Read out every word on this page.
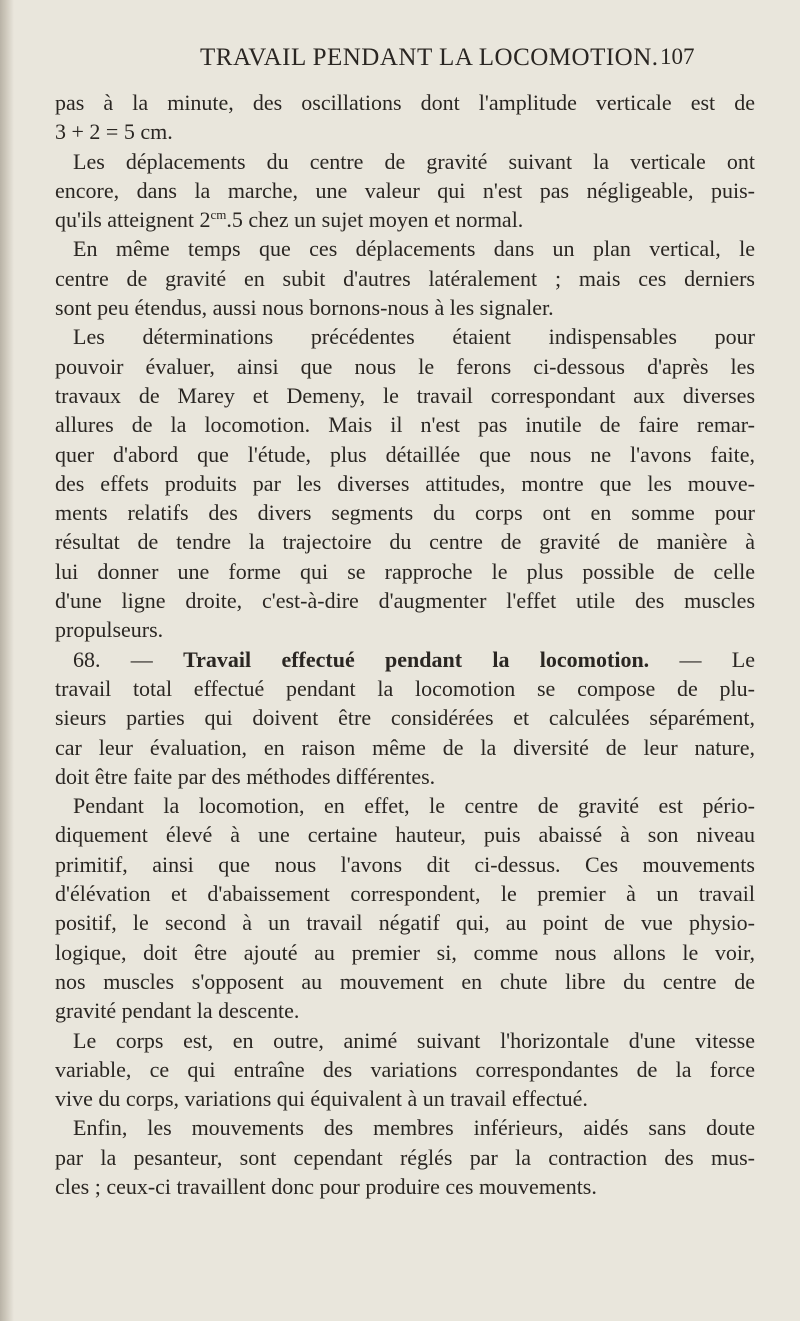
TRAVAIL PENDANT LA LOCOMOTION. 107
pas à la minute, des oscillations dont l'amplitude verticale est de
3 + 2 = 5 cm.
Les déplacements du centre de gravité suivant la verticale ont
encore, dans la marche, une valeur qui n'est pas négligeable, puis-
qu'ils atteignent $2^{cm}.5$ chez un sujet moyen et normal.
En même temps que ces déplacements dans un plan vertical, le
centre de gravité en subit d'autres latéralement ; mais ces derniers
sont peu étendus, aussi nous bornons-nous à les signaler.
Les déterminations précédentes étaient indispensables pour
pouvoir évaluer, ainsi que nous le ferons ci-dessous d'après les
travaux de Marey et Demeny, le travail correspondant aux diverses
allures de la locomotion. Mais il n'est pas inutile de faire remar-
quer d'abord que l'étude, plus détaillée que nous ne l'avons faite,
des effets produits par les diverses attitudes, montre que les mouve-
ments relatifs des divers segments du corps ont en somme pour
résultat de tendre la trajectoire du centre de gravité de manière à
lui donner une forme qui se rapproche le plus possible de celle
d'une ligne droite, c'est-à-dire d'augmenter l'effet utile des muscles
propulseurs.
68. — Travail effectué pendant la locomotion. — Le
travail total effectué pendant la locomotion se compose de plu-
sieurs parties qui doivent être considérées et calculées séparément,
car leur évaluation, en raison même de la diversité de leur nature,
doit être faite par des méthodes différentes.
Pendant la locomotion, en effet, le centre de gravité est pério-
diquement élevé à une certaine hauteur, puis abaissé à son niveau
primitif, ainsi que nous l'avons dit ci-dessus. Ces mouvements
d'élévation et d'abaissement correspondent, le premier à un travail
positif, le second à un travail négatif qui, au point de vue physio-
logique, doit être ajouté au premier si, comme nous allons le voir,
nos muscles s'opposent au mouvement en chute libre du centre de
gravité pendant la descente.
Le corps est, en outre, animé suivant l'horizontale d'une vitesse
variable, ce qui entraîne des variations correspondantes de la force
vive du corps, variations qui équivalent à un travail effectué.
Enfin, les mouvements des membres inférieurs, aidés sans doute
par la pesanteur, sont cependant réglés par la contraction des mus-
cles ; ceux-ci travaillent donc pour produire ces mouvements.
